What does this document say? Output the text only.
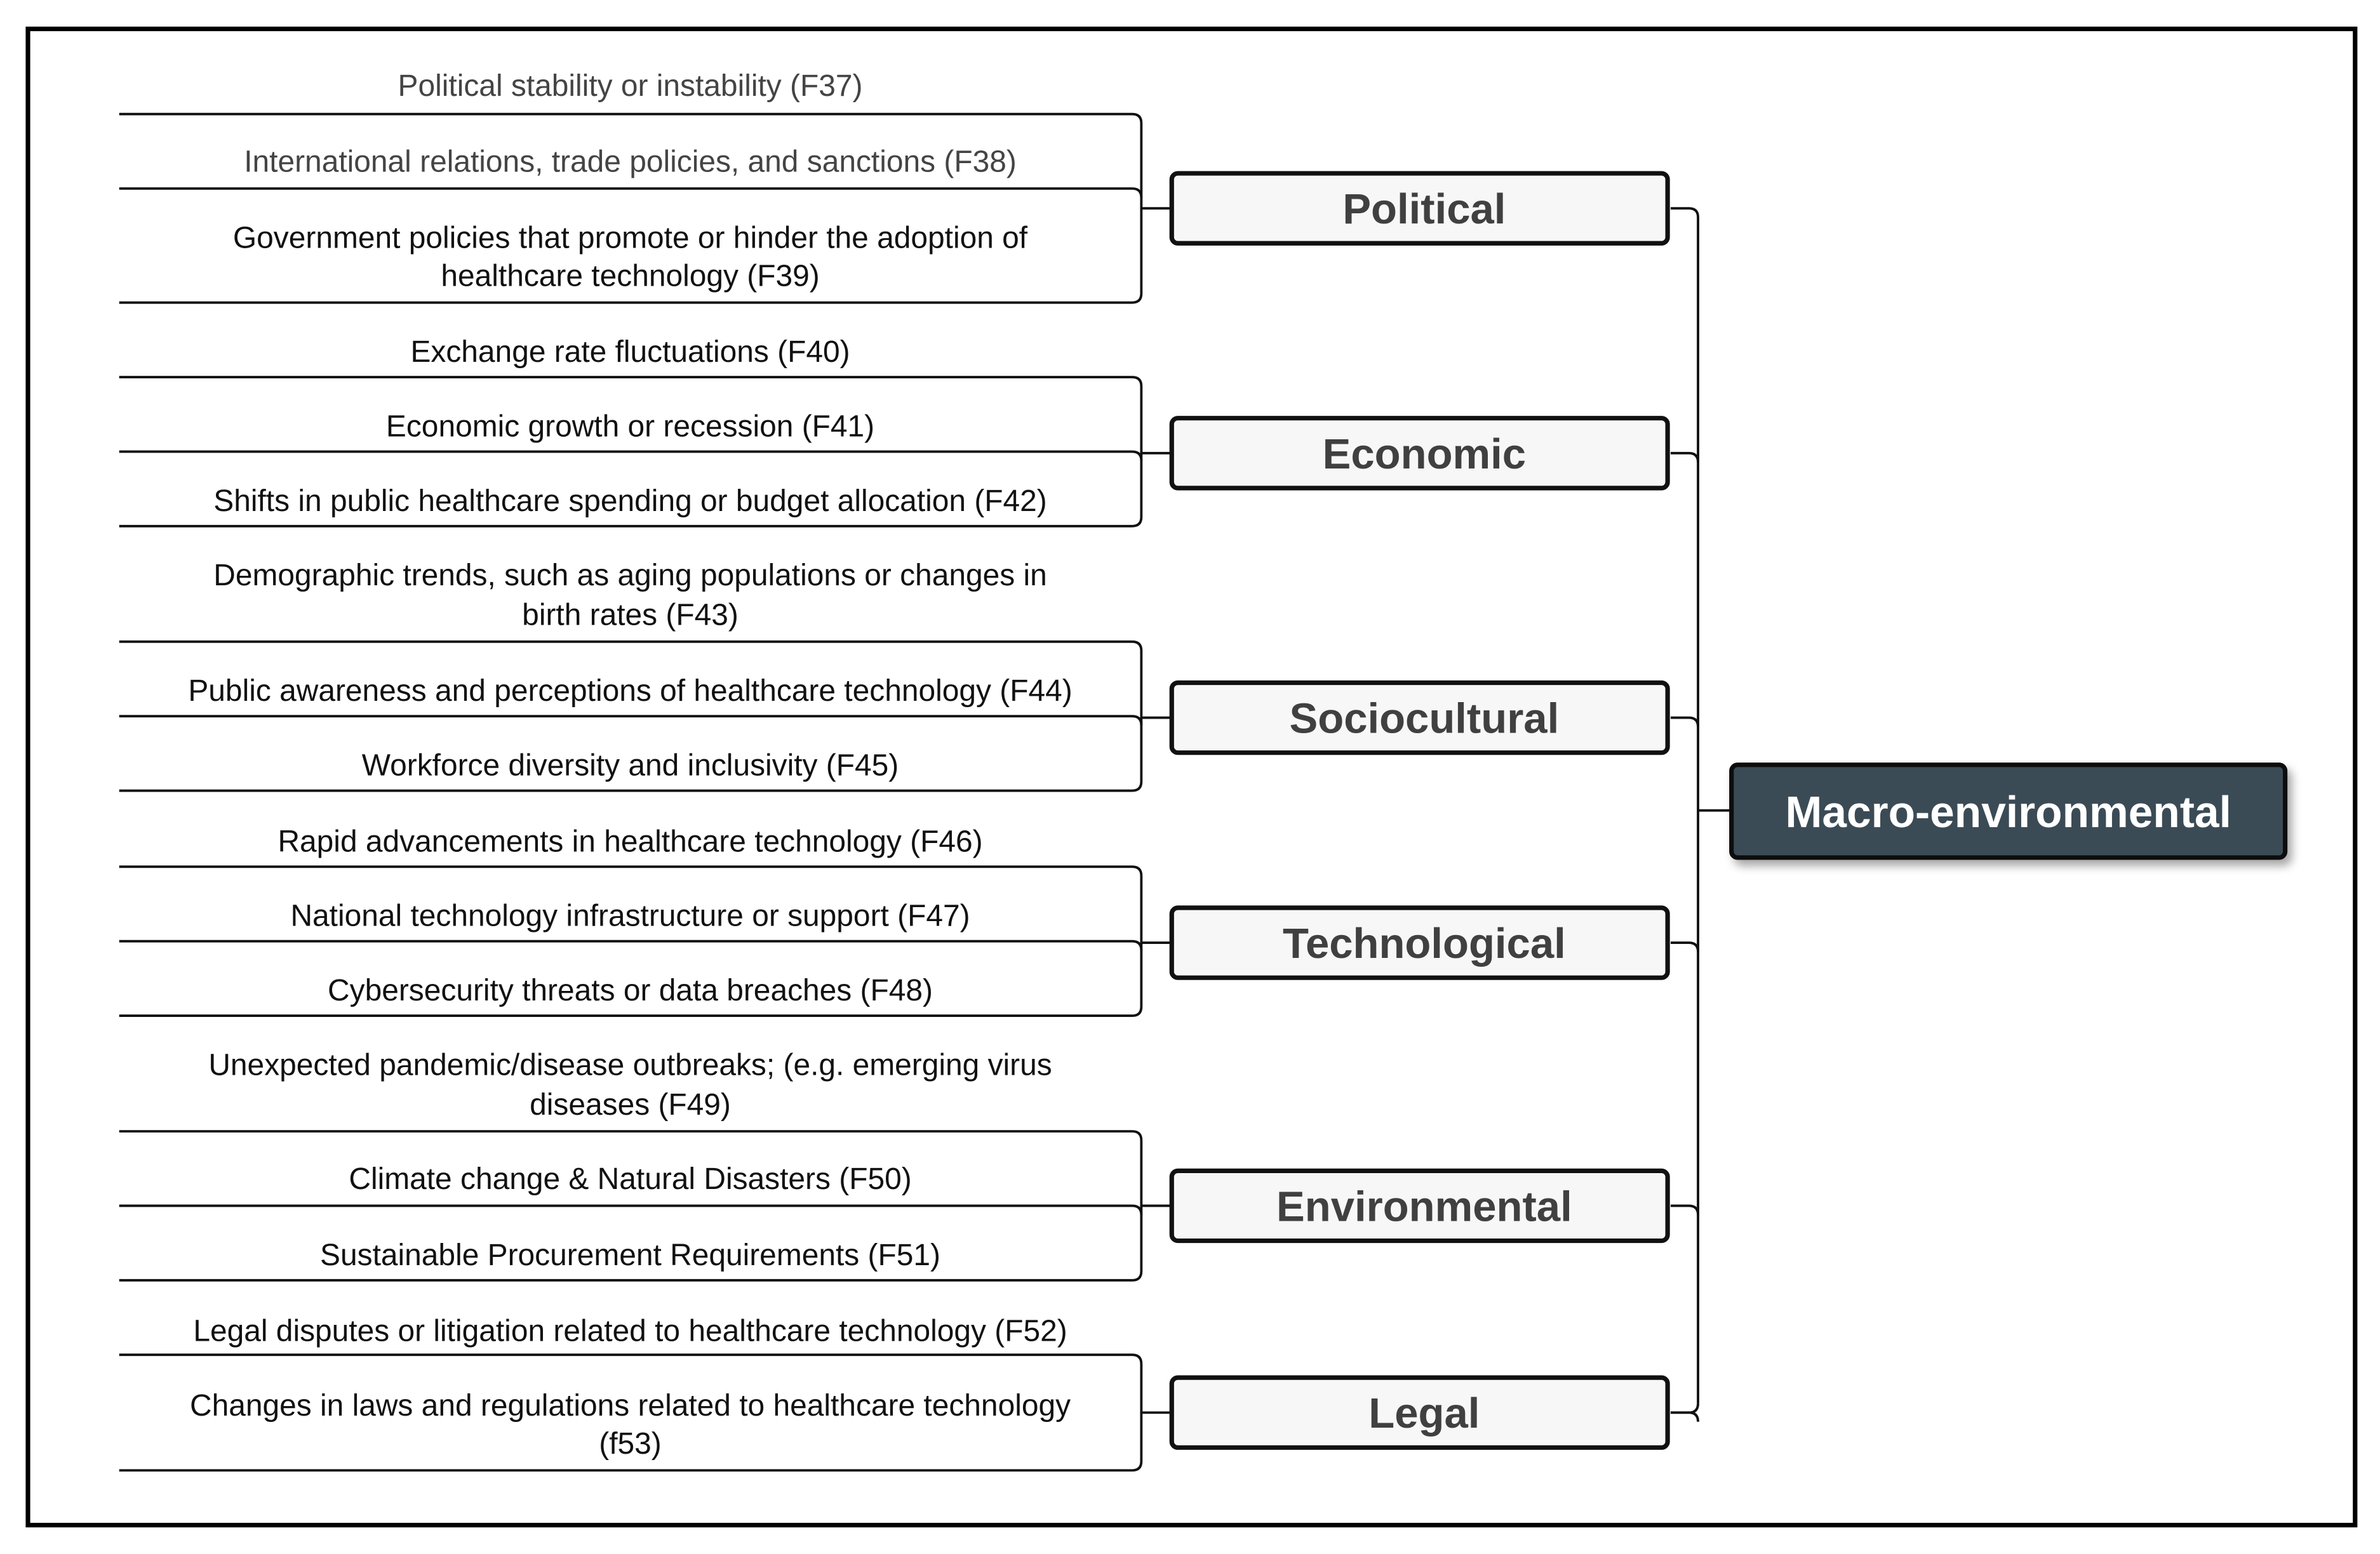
Political stability or instability (F37)
International relations, trade policies, and sanctions (F38)
Government policies that promote or hinder the adoption of
healthcare technology (F39)
Political
Exchange rate fluctuations (F40)
Economic growth or recession (F41)
Shifts in public healthcare spending or budget allocation (F42)
Economic
Demographic trends, such as aging populations or changes in
birth rates (F43)
Public awareness and perceptions of healthcare technology (F44)
Workforce diversity and inclusivity (F45)
Sociocultural
Rapid advancements in healthcare technology (F46)
National technology infrastructure or support (F47)
Cybersecurity threats or data breaches (F48)
Technological
Unexpected pandemic/disease outbreaks; (e.g. emerging virus
diseases (F49)
Climate change & Natural Disasters (F50)
Sustainable Procurement Requirements (F51)
Environmental
Legal disputes or litigation related to healthcare technology (F52)
Changes in laws and regulations related to healthcare technology
(f53)
Legal
Macro-environmental
